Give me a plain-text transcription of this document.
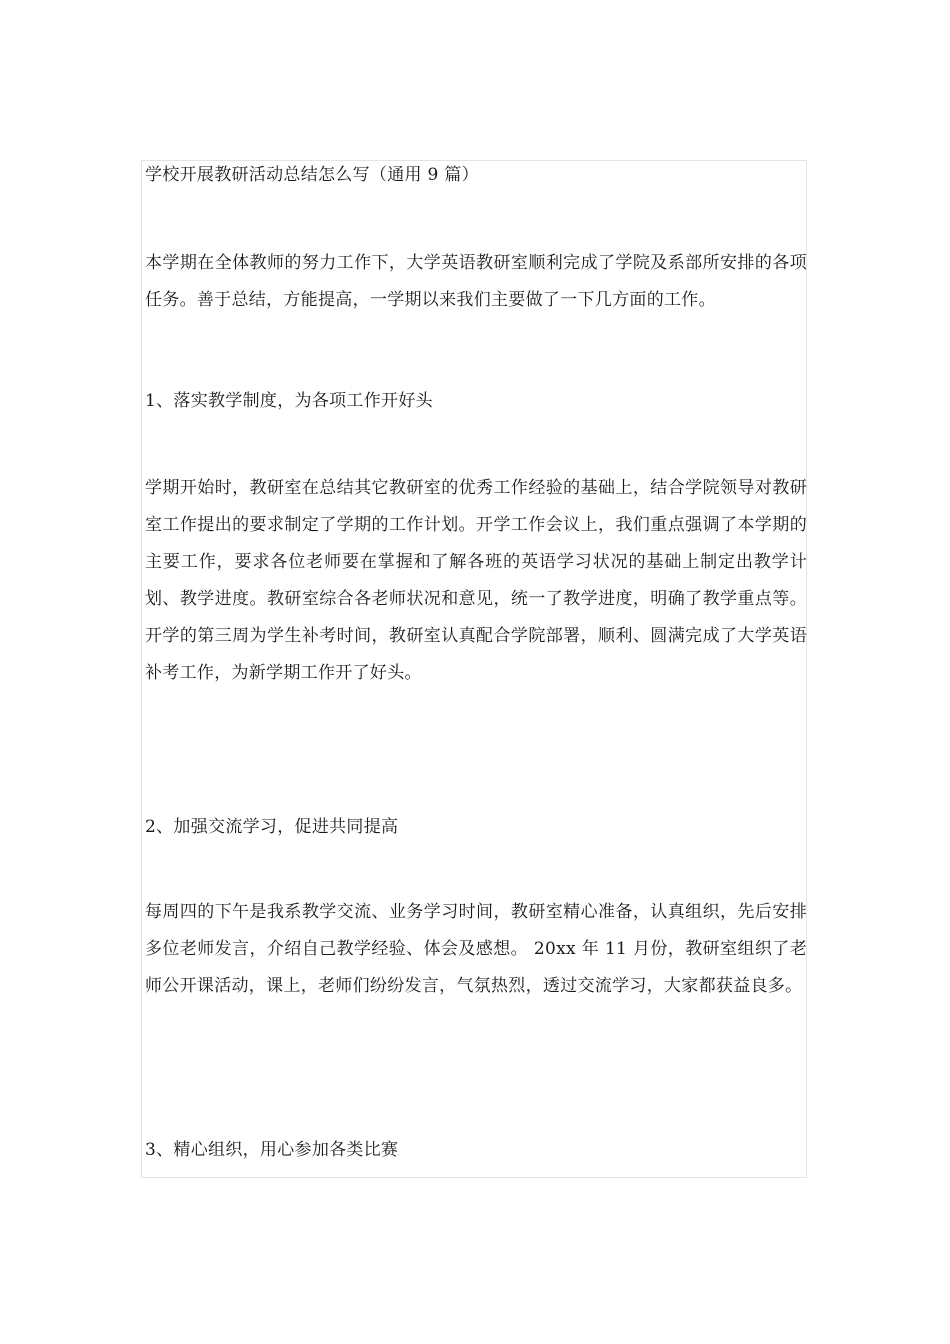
学校开展教研活动总结怎么写（通用 9 篇）
本学期在全体教师的努力工作下，大学英语教研室顺利完成了学院及系部所安排的各项任务。善于总结，方能提高，一学期以来我们主要做了一下几方面的工作。
1、落实教学制度，为各项工作开好头
学期开始时，教研室在总结其它教研室的优秀工作经验的基础上，结合学院领导对教研室工作提出的要求制定了学期的工作计划。开学工作会议上，我们重点强调了本学期的主要工作，要求各位老师要在掌握和了解各班的英语学习状况的基础上制定出教学计划、教学进度。教研室综合各老师状况和意见，统一了教学进度，明确了教学重点等。开学的第三周为学生补考时间，教研室认真配合学院部署，顺利、圆满完成了大学英语补考工作，为新学期工作开了好头。
2、加强交流学习，促进共同提高
每周四的下午是我系教学交流、业务学习时间，教研室精心准备，认真组织，先后安排多位老师发言，介绍自己教学经验、体会及感想。 20xx 年 11 月份，教研室组织了老师公开课活动，课上，老师们纷纷发言，气氛热烈，透过交流学习，大家都获益良多。
3、精心组织，用心参加各类比赛
